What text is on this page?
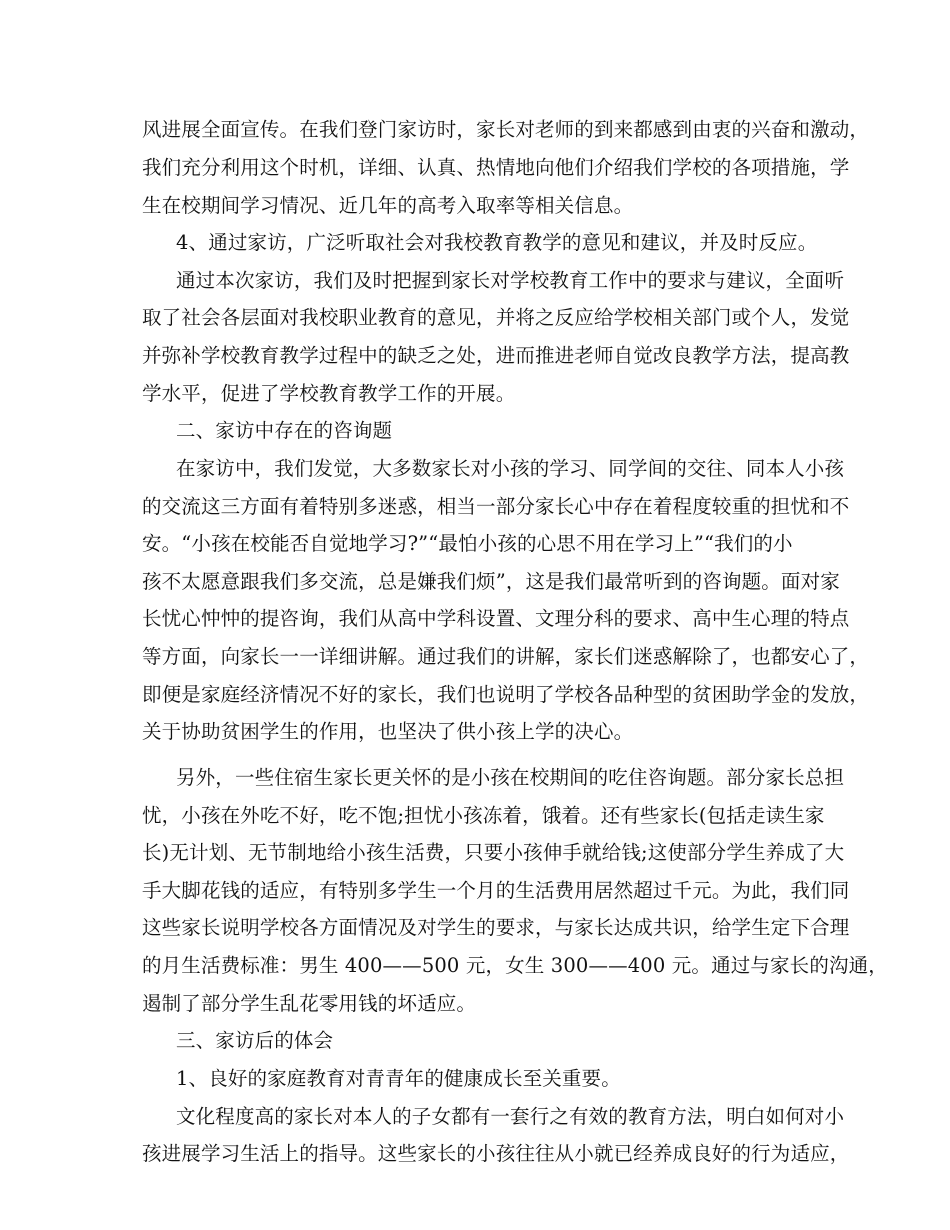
风进展全面宣传。在我们登门家访时，家长对老师的到来都感到由衷的兴奋和激动，
我们充分利用这个时机，详细、认真、热情地向他们介绍我们学校的各项措施，学
生在校期间学习情况、近几年的高考入取率等相关信息。
4、通过家访，广泛听取社会对我校教育教学的意见和建议，并及时反应。
通过本次家访，我们及时把握到家长对学校教育工作中的要求与建议，全面听
取了社会各层面对我校职业教育的意见，并将之反应给学校相关部门或个人，发觉
并弥补学校教育教学过程中的缺乏之处，进而推进老师自觉改良教学方法，提高教
学水平，促进了学校教育教学工作的开展。
二、家访中存在的咨询题
在家访中，我们发觉，大多数家长对小孩的学习、同学间的交往、同本人小孩
的交流这三方面有着特别多迷惑，相当一部分家长心中存在着程度较重的担忧和不
安。“小孩在校能否自觉地学习?”“最怕小孩的心思不用在学习上”“我们的小
孩不太愿意跟我们多交流，总是嫌我们烦”，这是我们最常听到的咨询题。面对家
长忧心忡忡的提咨询，我们从高中学科设置、文理分科的要求、高中生心理的特点
等方面，向家长一一详细讲解。通过我们的讲解，家长们迷惑解除了，也都安心了，
即便是家庭经济情况不好的家长，我们也说明了学校各品种型的贫困助学金的发放，
关于协助贫困学生的作用，也坚决了供小孩上学的决心。
另外，一些住宿生家长更关怀的是小孩在校期间的吃住咨询题。部分家长总担
忧，小孩在外吃不好，吃不饱;担忧小孩冻着，饿着。还有些家长(包括走读生家
长)无计划、无节制地给小孩生活费，只要小孩伸手就给钱;这使部分学生养成了大
手大脚花钱的适应，有特别多学生一个月的生活费用居然超过千元。为此，我们同
这些家长说明学校各方面情况及对学生的要求，与家长达成共识，给学生定下合理
的月生活费标准：男生 400——500 元，女生 300——400 元。通过与家长的沟通，
遏制了部分学生乱花零用钱的坏适应。
三、家访后的体会
1、良好的家庭教育对青青年的健康成长至关重要。
文化程度高的家长对本人的子女都有一套行之有效的教育方法，明白如何对小
孩进展学习生活上的指导。这些家长的小孩往往从小就已经养成良好的行为适应，
